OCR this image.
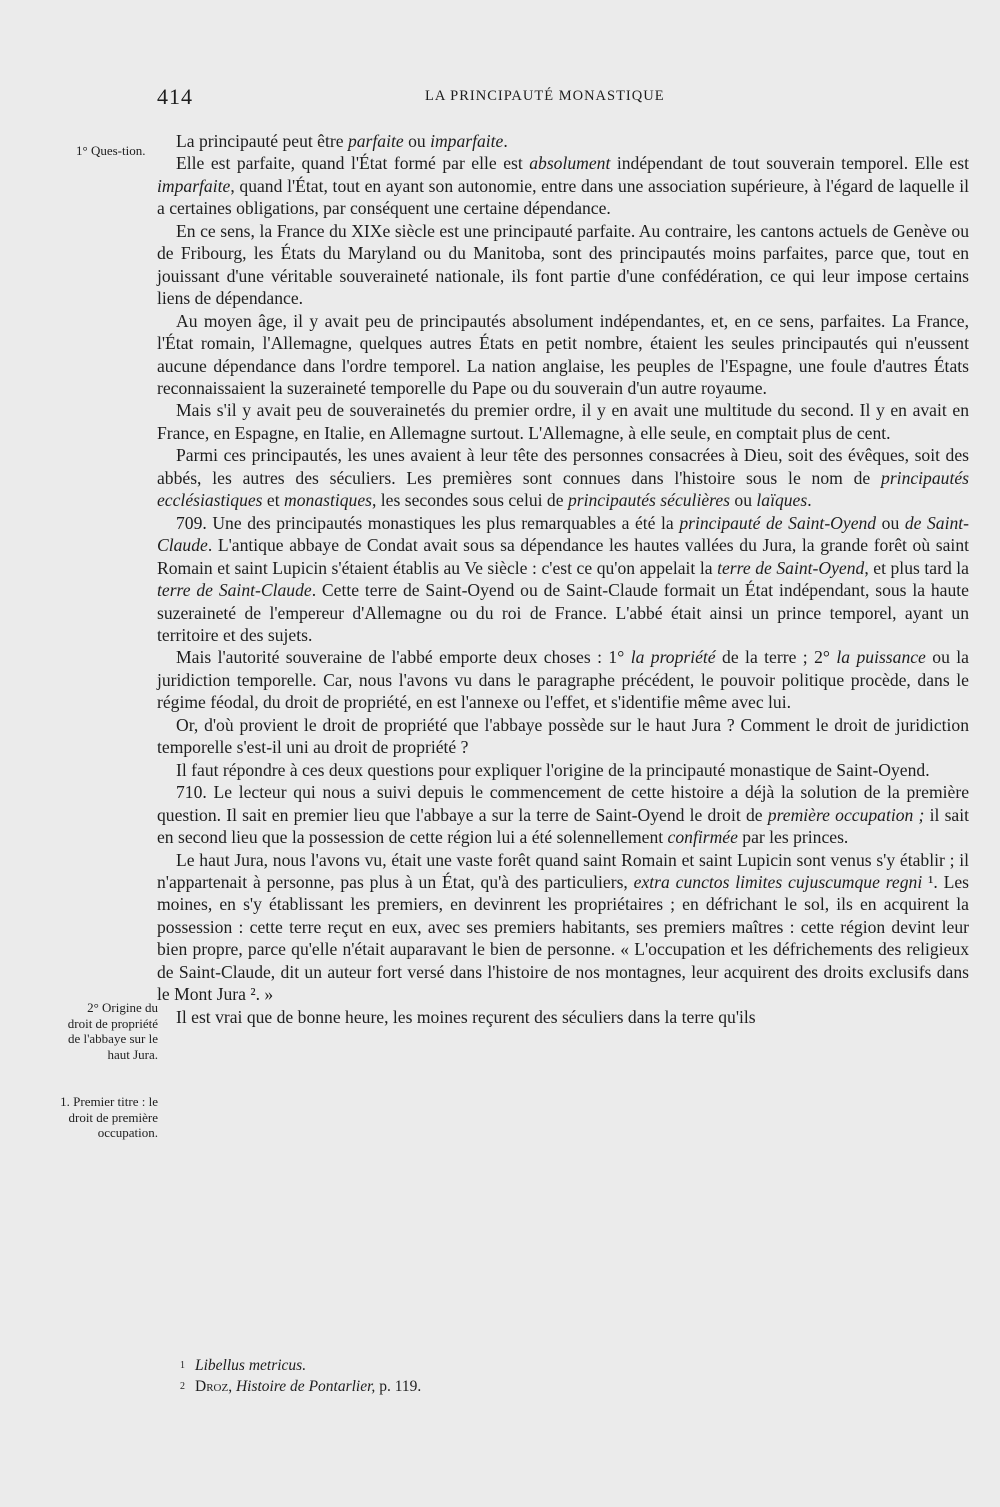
414	LA PRINCIPAUTÉ MONASTIQUE
1° Ques-tion.
2° Origine du droit de propriété de l'abbaye sur le haut Jura.
1. Premier titre : le droit de première occupation.

La principauté peut être parfaite ou imparfaite.

Elle est parfaite, quand l'État formé par elle est absolument indépendant de tout souverain temporel. Elle est imparfaite, quand l'État, tout en ayant son autonomie, entre dans une association supérieure, à l'égard de laquelle il a certaines obligations, par conséquent une certaine dépendance.

En ce sens, la France du XIXe siècle est une principauté parfaite. Au contraire, les cantons actuels de Genève ou de Fribourg, les États du Maryland ou du Manitoba, sont des principautés moins parfaites, parce que, tout en jouissant d'une véritable souveraineté nationale, ils font partie d'une confédération, ce qui leur impose certains liens de dépendance.

Au moyen âge, il y avait peu de principautés absolument indépendantes, et, en ce sens, parfaites. La France, l'État romain, l'Allemagne, quelques autres États en petit nombre, étaient les seules principautés qui n'eussent aucune dépendance dans l'ordre temporel. La nation anglaise, les peuples de l'Espagne, une foule d'autres États reconnaissaient la suzeraineté temporelle du Pape ou du souverain d'un autre royaume.

Mais s'il y avait peu de souverainetés du premier ordre, il y en avait une multitude du second. Il y en avait en France, en Espagne, en Italie, en Allemagne surtout. L'Allemagne, à elle seule, en comptait plus de cent.

Parmi ces principautés, les unes avaient à leur tête des personnes consacrées à Dieu, soit des évêques, soit des abbés, les autres des séculiers. Les premières sont connues dans l'histoire sous le nom de principautés ecclésiastiques et monastiques, les secondes sous celui de principautés séculières ou laïques.

709. Une des principautés monastiques les plus remarquables a été la principauté de Saint-Oyend ou de Saint-Claude. L'antique abbaye de Condat avait sous sa dépendance les hautes vallées du Jura, la grande forêt où saint Romain et saint Lupicin s'étaient établis au Ve siècle : c'est ce qu'on appelait la terre de Saint-Oyend, et plus tard la terre de Saint-Claude. Cette terre de Saint-Oyend ou de Saint-Claude formait un État indépendant, sous la haute suzeraineté de l'empereur d'Allemagne ou du roi de France. L'abbé était ainsi un prince temporel, ayant un territoire et des sujets.

Mais l'autorité souveraine de l'abbé emporte deux choses : 1° la propriété de la terre ; 2° la puissance ou la juridiction temporelle. Car, nous l'avons vu dans le paragraphe précédent, le pouvoir politique procède, dans le régime féodal, du droit de propriété, en est l'annexe ou l'effet, et s'identifie même avec lui.

Or, d'où provient le droit de propriété que l'abbaye possède sur le haut Jura ? Comment le droit de juridiction temporelle s'est-il uni au droit de propriété ?

Il faut répondre à ces deux questions pour expliquer l'origine de la principauté monastique de Saint-Oyend.

710. Le lecteur qui nous a suivi depuis le commencement de cette histoire a déjà la solution de la première question. Il sait en premier lieu que l'abbaye a sur la terre de Saint-Oyend le droit de première occupation ; il sait en second lieu que la possession de cette région lui a été solennellement confirmée par les princes.

Le haut Jura, nous l'avons vu, était une vaste forêt quand saint Romain et saint Lupicin sont venus s'y établir ; il n'appartenait à personne, pas plus à un État, qu'à des particuliers, extra cunctos limites cujuscumque regni ¹. Les moines, en s'y établissant les premiers, en devinrent les propriétaires ; en défrichant le sol, ils en acquirent la possession : cette terre reçut en eux, avec ses premiers habitants, ses premiers maîtres : cette région devint leur bien propre, parce qu'elle n'était auparavant le bien de personne. « L'occupation et les défrichements des religieux de Saint-Claude, dit un auteur fort versé dans l'histoire de nos montagnes, leur acquirent des droits exclusifs dans le Mont Jura ². »

Il est vrai que de bonne heure, les moines reçurent des séculiers dans la terre qu'ils

$^1$ Libellus metricus.
$^2$ Droz, Histoire de Pontarlier, p. 119.
